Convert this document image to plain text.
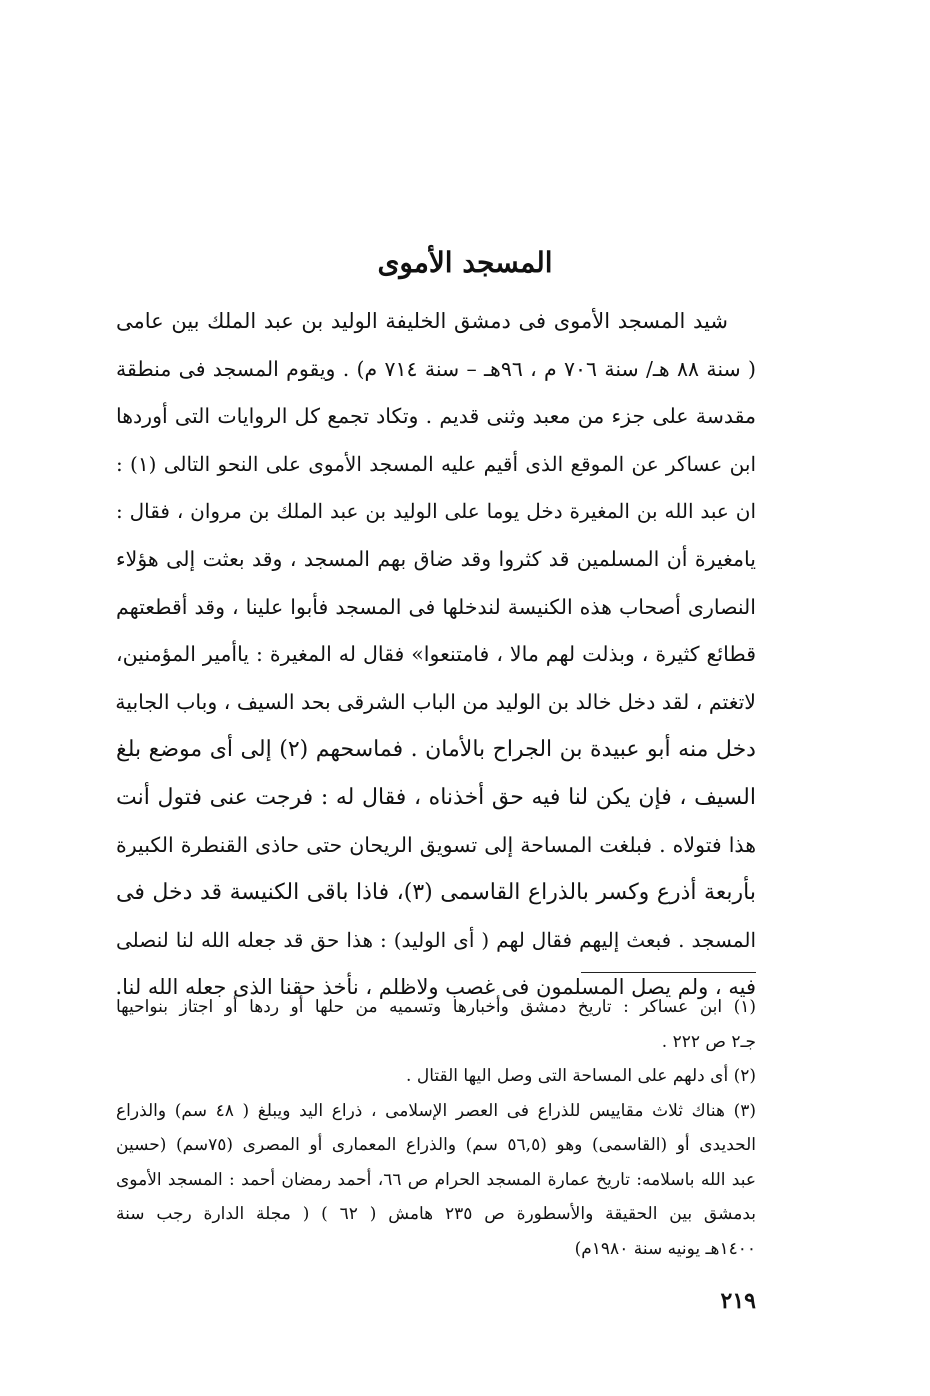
المسجد الأموى
شيد المسجد الأموى فى دمشق الخليفة الوليد بن عبد الملك بين عامى
( سنة ٨٨ هـ/ سنة ٧٠٦ م ، ٩٦هـ – سنة ٧١٤ م) . ويقوم المسجد فى منطقة
مقدسة على جزء من معبد وثنى قديم . وتكاد تجمع كل الروايات التى أوردها
ابن عساكر عن الموقع الذى أقيم عليه المسجد الأموى على النحو التالى (١) :
ان عبد الله بن المغيرة دخل يوما على الوليد بن عبد الملك بن مروان ، فقال :
يامغيرة أن المسلمين قد كثروا وقد ضاق بهم المسجد ، وقد بعثت إلى هؤلاء
النصارى أصحاب هذه الكنيسة لندخلها فى المسجد فأبوا علينا ، وقد أقطعتهم
قطائع كثيرة ، وبذلت لهم مالا ، فامتنعوا» فقال له المغيرة : ياأمير المؤمنين،
لاتغتم ، لقد دخل خالد بن الوليد من الباب الشرقى بحد السيف ، وباب الجابية
دخل منه أبو عبيدة بن الجراح بالأمان . فماسحهم (٢) إلى أى موضع بلغ
السيف ، فإن يكن لنا فيه حق أخذناه ، فقال له : فرجت عنى فتول أنت
هذا فتولاه . فبلغت المساحة إلى تسويق الريحان حتى حاذى القنطرة الكبيرة
بأربعة أذرع وكسر بالذراع القاسمى (٣)، فاذا باقى الكنيسة قد دخل فى
المسجد . فبعث إليهم فقال لهم ( أى الوليد) : هذا حق قد جعله الله لنا لنصلى
فيه ، ولم يصل المسلمون فى غصب ولاظلم ، نأخذ حقنا الذى جعله الله لنا.
(١) ابن عساكر : تاريخ دمشق وأخبارها وتسميه من حلها أو ردها أو اجتاز بنواحيها
جـ٢ ص ٢٢٢ .
(٢) أى دلهم على المساحة التى وصل اليها القتال .
(٣) هناك ثلاث مقاييس للذراع فى العصر الإسلامى ، ذراع اليد ويبلغ ( ٤٨ سم) والذراع
الحديدى أو (القاسمى) وهو (٥٦,٥ سم) والذراع المعمارى أو المصرى (٧٥سم) (حسين
عبد الله باسلامه: تاريخ عمارة المسجد الحرام ص ٦٦، أحمد رمضان أحمد : المسجد الأموى
بدمشق بين الحقيقة والأسطورة ص ٢٣٥ هامش ( ٦٢ ) ( مجلة الدارة رجب سنة
١٤٠٠هـ يونيه سنة ١٩٨٠م)
٢١٩
